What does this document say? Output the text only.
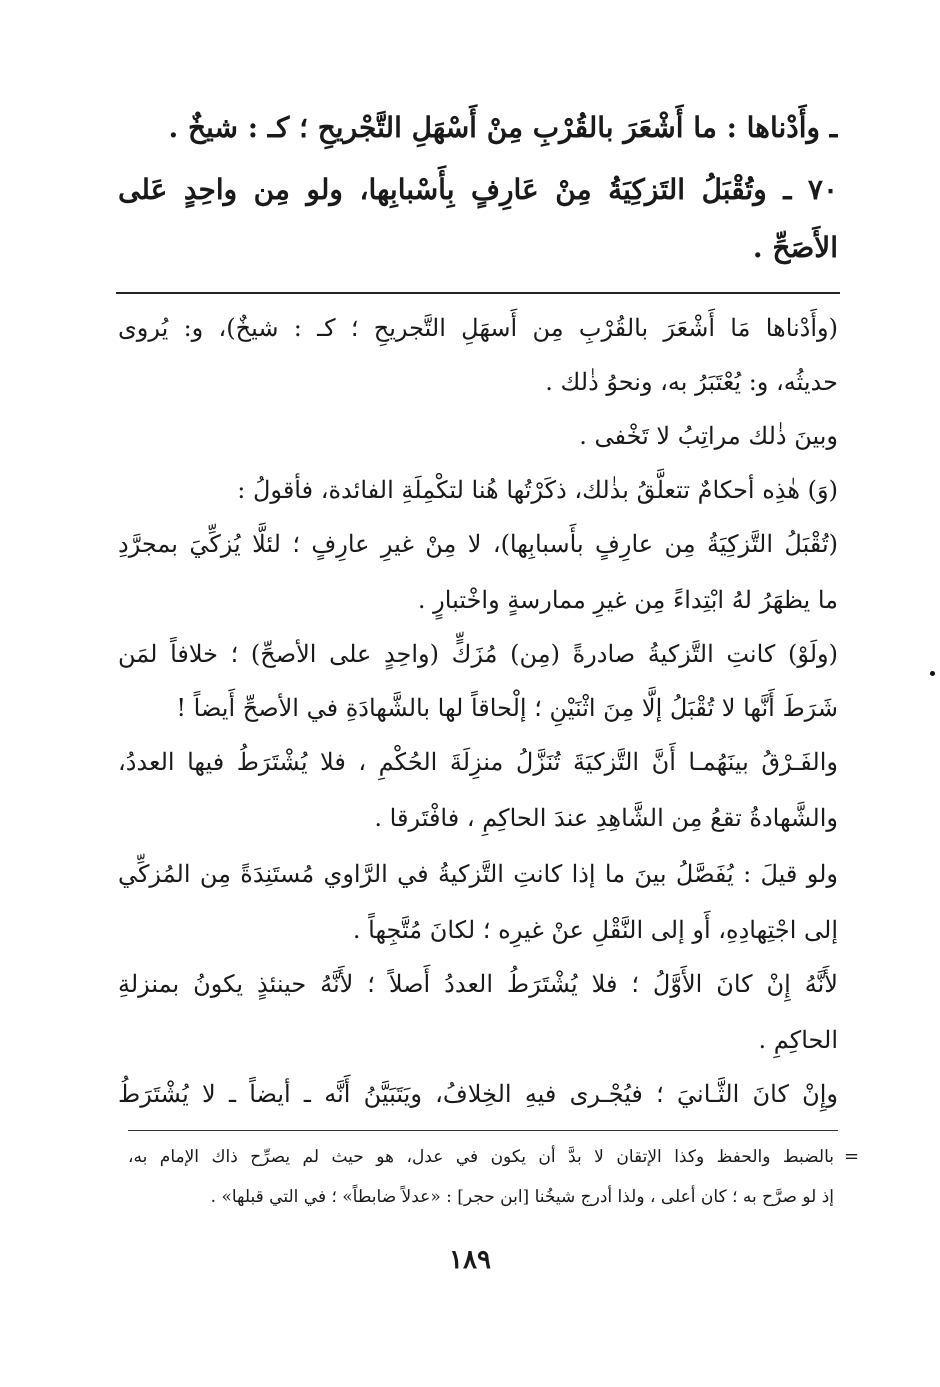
ـ وأَدْناها : ما أَشْعَرَ بالقُرْبِ مِنْ أَسْهَلِ التَّجْريحِ ؛ كـ : شيخٌ .
٧٠ ـ وتُقْبَلُ التَزكِيَةُ مِنْ عَارِفٍ بِأَسْبابِها، ولو مِن واحِدٍ عَلى
الأَصَحِّ .
(وأَدْناها مَا أَشْعَرَ بالقُرْبِ مِن أَسهَلِ التَّجريحِ ؛ كـ : شيخٌ)، و: يُروى
حديثُه، و: يُعْتَبَرُ به، ونحوُ ذٰلك .
وبينَ ذٰلك مراتِبُ لا تَخْفى .
(وَ) هٰذِه أحكامٌ تتعلَّقُ بذٰلك، ذكَرْتُها هُنا لتكْمِلَةِ الفائدة، فأقولُ :
(تُقْبَلُ التَّزكِيَةُ مِن عارِفٍ بأَسبابِها)، لا مِنْ غيرِ عارِفٍ ؛ لئلَّا يُزكِّيَ بمجرَّدِ
ما يظهَرُ لهُ ابْتِداءً مِن غيرِ ممارسةٍ واخْتبارٍ .
(ولَوْ) كانتِ التَّزكيةُ صادرةً (مِن) مُزَكٍّ (واحِدٍ على الأصحِّ) ؛ خلافاً لمَن
شَرَطَ أَنَّها لا تُقْبَلُ إلَّا مِنَ اثْنَيْنِ ؛ إلْحاقاً لها بالشَّهادَةِ في الأصحِّ أَيضاً !
والفَـرْقُ بينَهُمـا أَنَّ التَّزكيَةَ تُنَزَّلُ منزِلَةَ الحُكْمِ ، فلا يُشْتَرَطُ فيها العددُ،
والشَّهادةُ تقعُ مِن الشَّاهِدِ عندَ الحاكِمِ ، فافْتَرقا .
ولو قيلَ : يُفَصَّلُ بينَ ما إذا كانتِ التَّزكيةُ في الرَّاوي مُستَنِدَةً مِن المُزكِّي
إلى اجْتِهادِهِ، أَو إلى النَّقْلِ عنْ غيرِه ؛ لكانَ مُتَّجِهاً .
لأَنَّهُ إِنْ كانَ الأَوَّلُ ؛ فلا يُشْتَرَطُ العددُ أَصلاً ؛ لأَنَّهُ حينئذٍ يكونُ بمنزلةِ
الحاكِمِ .
وإِنْ كانَ الثَّـانيَ ؛ فيُجْـرى فيهِ الخِلافُ، ويَتَبَيَّنُ أَنَّه ـ أيضاً ـ لا يُشْتَرَطُ
=
بالضبط والحفظ وكذا الإتقان لا بدَّ أن يكون في عدل، هو حيث لم يصرِّح ذاك الإمام به،
إذ لو صرَّح به ؛ كان أعلى ، ولذا أدرج شيخُنا [ابن حجر] : «عدلاً ضابطاً» ؛ في التي قبلها» .
١٨٩
